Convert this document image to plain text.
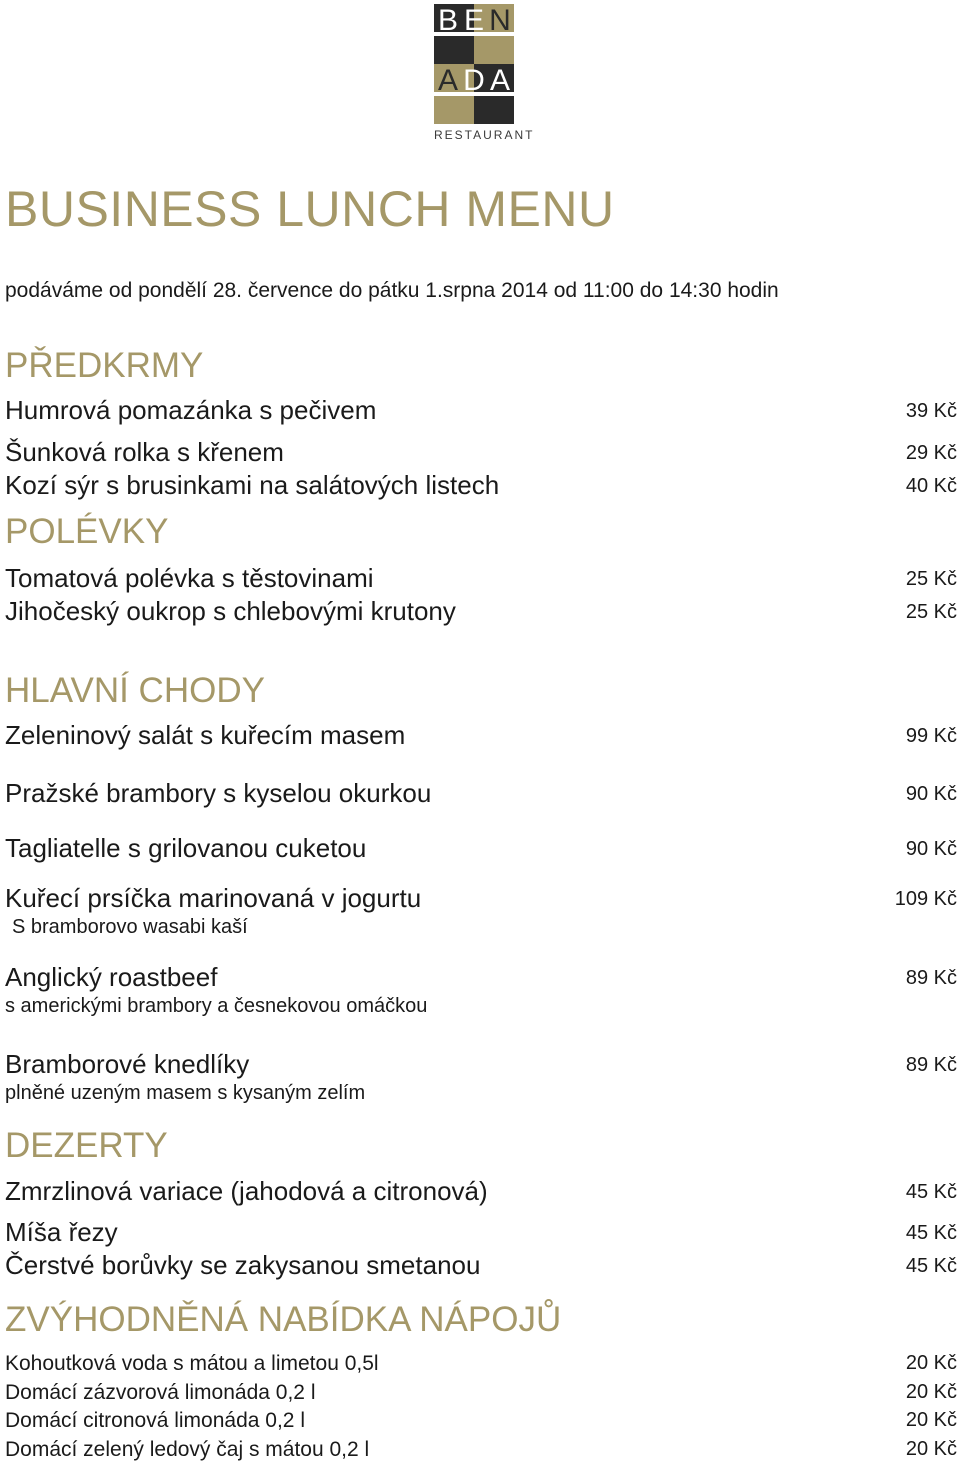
B E N
A D A
RESTAURANT
BUSINESS LUNCH MENU
podáváme od pondělí 28. července do pátku 1.srpna 2014 od 11:00 do 14:30 hodin
PŘEDKRMY
Humrová pomazánka s pečivem	39 Kč
Šunková rolka s křenem	29 Kč
Kozí sýr s brusinkami na salátových listech	40 Kč
POLÉVKY
Tomatová polévka s těstovinami	25 Kč
Jihočeský oukrop s chlebovými krutony	25 Kč
HLAVNÍ CHODY
Zeleninový salát s kuřecím masem	99 Kč
Pražské brambory s kyselou okurkou	90 Kč
Tagliatelle s grilovanou cuketou	90 Kč
Kuřecí prsíčka marinovaná v jogurtu	109 Kč
S bramborovo wasabi kaší
Anglický roastbeef	89 Kč
s americkými brambory a česnekovou omáčkou
Bramborové knedlíky	89 Kč
plněné uzeným masem s kysaným zelím
DEZERTY
Zmrzlinová variace (jahodová a citronová)	45 Kč
Míša řezy	45 Kč
Čerstvé borůvky se zakysanou smetanou	45 Kč
ZVÝHODNĚNÁ NABÍDKA NÁPOJŮ
Kohoutková voda s mátou a limetou 0,5l	20 Kč
Domácí zázvorová limonáda 0,2 l	20 Kč
Domácí citronová limonáda 0,2 l	20 Kč
Domácí zelený ledový čaj s mátou 0,2 l	20 Kč
